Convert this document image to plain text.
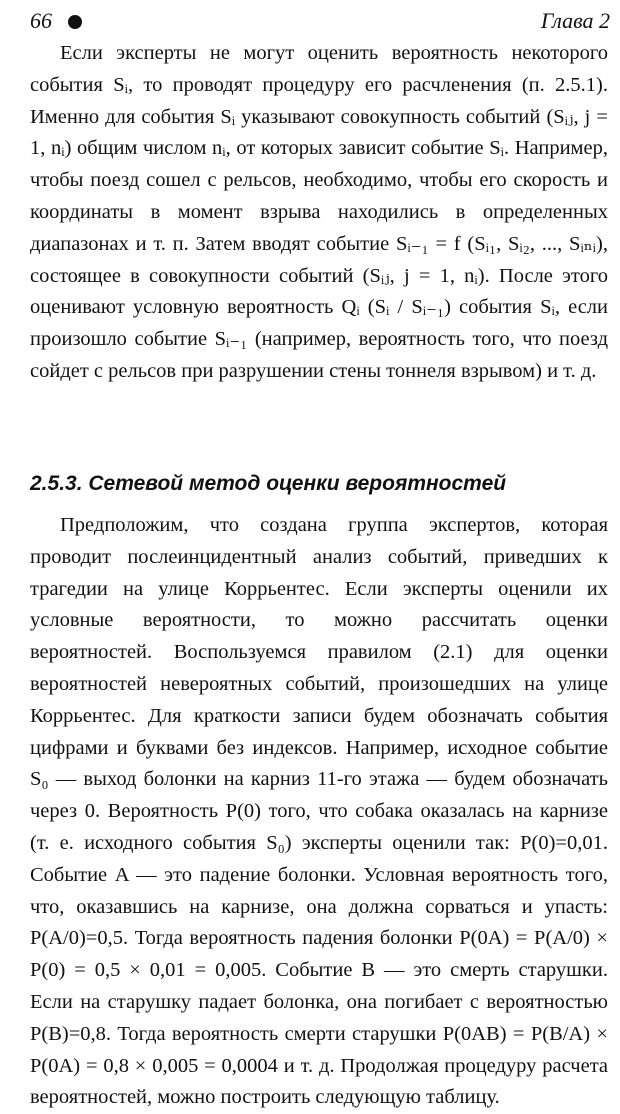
66	Глава 2

Если эксперты не могут оценить вероятность некоторого события Sᵢ, то проводят процедуру его расчленения (п. 2.5.1). Именно для события Sᵢ указывают совокупность событий (Sᵢⱼ, j = 1, nᵢ) общим числом nᵢ, от которых зависит событие Sᵢ. Например, чтобы поезд сошел с рельсов, необходимо, чтобы его скорость и координаты в момент взрыва находились в определенных диапазонах и т. п. Затем вводят событие Sᵢ₋₁ = f (Sᵢ₁, Sᵢ₂, ..., Sᵢₙᵢ), состоящее в совокупности событий (Sᵢⱼ, j = 1, nᵢ). После этого оценивают условную вероятность Qᵢ (Sᵢ / Sᵢ₋₁) события Sᵢ, если произошло событие Sᵢ₋₁ (например, вероятность того, что поезд сойдет с рельсов при разрушении стены тоннеля взрывом) и т. д.

2.5.3. Сетевой метод оценки вероятностей

Предположим, что создана группа экспертов, которая проводит послеинцидентный анализ событий, приведших к трагедии на улице Коррьентес. Если эксперты оценили их условные вероятности, то можно рассчитать оценки вероятностей. Воспользуемся правилом (2.1) для оценки вероятностей невероятных событий, произошедших на улице Коррьентес. Для краткости записи будем обозначать события цифрами и буквами без индексов. Например, исходное событие S₀ — выход болонки на карниз 11-го этажа — будем обозначать через 0. Вероятность P(0) того, что собака оказалась на карнизе (т. е. исходного события S₀) эксперты оценили так: P(0)=0,01. Событие A — это падение болонки. Условная вероятность того, что, оказавшись на карнизе, она должна сорваться и упасть: P(A/0)=0,5. Тогда вероятность падения болонки P(0A) = P(A/0) × P(0) = 0,5 × 0,01 = 0,005. Событие B — это смерть старушки. Если на старушку падает болонка, она погибает с вероятностью P(B)=0,8. Тогда вероятность смерти старушки P(0AB) = P(B/A) × P(0A) = 0,8 × 0,005 = 0,0004 и т. д. Продолжая процедуру расчета вероятностей, можно построить следующую таблицу.
